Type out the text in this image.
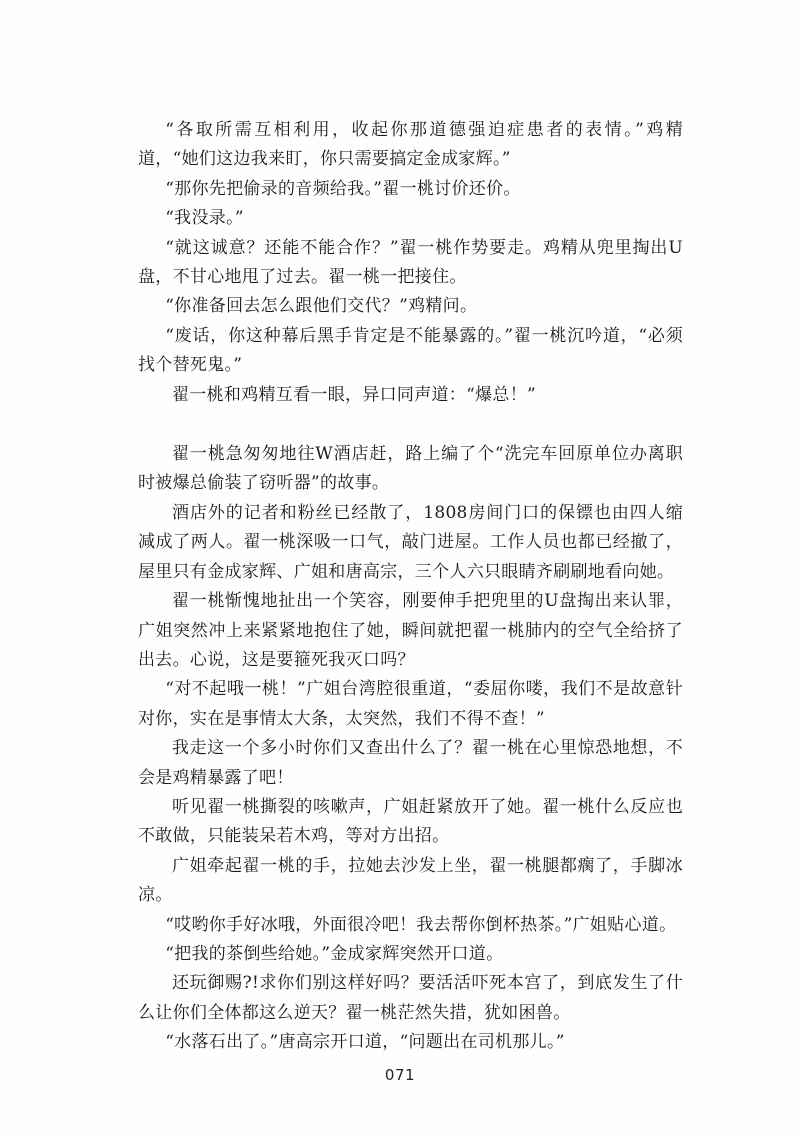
“各取所需互相利用，收起你那道德强迫症患者的表情。”鸡精道，“她们这边我来盯，你只需要搞定金成家辉。”

“那你先把偷录的音频给我。”翟一桃讨价还价。

“我没录。”

“就这诚意？还能不能合作？”翟一桃作势要走。鸡精从兜里掏出U盘，不甘心地甩了过去。翟一桃一把接住。

“你准备回去怎么跟他们交代？”鸡精问。

“废话，你这种幕后黑手肯定是不能暴露的。”翟一桃沉吟道，“必须找个替死鬼。”

翟一桃和鸡精互看一眼，异口同声道：“爆总！”

翟一桃急匆匆地往W酒店赶，路上编了个“洗完车回原单位办离职时被爆总偷装了窃听器”的故事。

酒店外的记者和粉丝已经散了，1808房间门口的保镖也由四人缩减成了两人。翟一桃深吸一口气，敲门进屋。工作人员也都已经撤了，屋里只有金成家辉、广姐和唐高宗，三个人六只眼睛齐刷刷地看向她。

翟一桃惭愧地扯出一个笑容，刚要伸手把兜里的U盘掏出来认罪，广姐突然冲上来紧紧地抱住了她，瞬间就把翟一桃肺内的空气全给挤了出去。心说，这是要箍死我灭口吗？

“对不起哦一桃！”广姐台湾腔很重道，“委屈你喽，我们不是故意针对你，实在是事情太大条，太突然，我们不得不查！”

我走这一个多小时你们又查出什么了？翟一桃在心里惊恐地想，不会是鸡精暴露了吧！

听见翟一桃撕裂的咳嗽声，广姐赶紧放开了她。翟一桃什么反应也不敢做，只能装呆若木鸡，等对方出招。

广姐牵起翟一桃的手，拉她去沙发上坐，翟一桃腿都瘸了，手脚冰凉。

“哎哟你手好冰哦，外面很冷吧！我去帮你倒杯热茶。”广姐贴心道。

“把我的茶倒些给她。”金成家辉突然开口道。

还玩御赐?!求你们别这样好吗？要活活吓死本宫了，到底发生了什么让你们全体都这么逆天？翟一桃茫然失措，犹如困兽。

“水落石出了。”唐高宗开口道，“问题出在司机那儿。”

071
